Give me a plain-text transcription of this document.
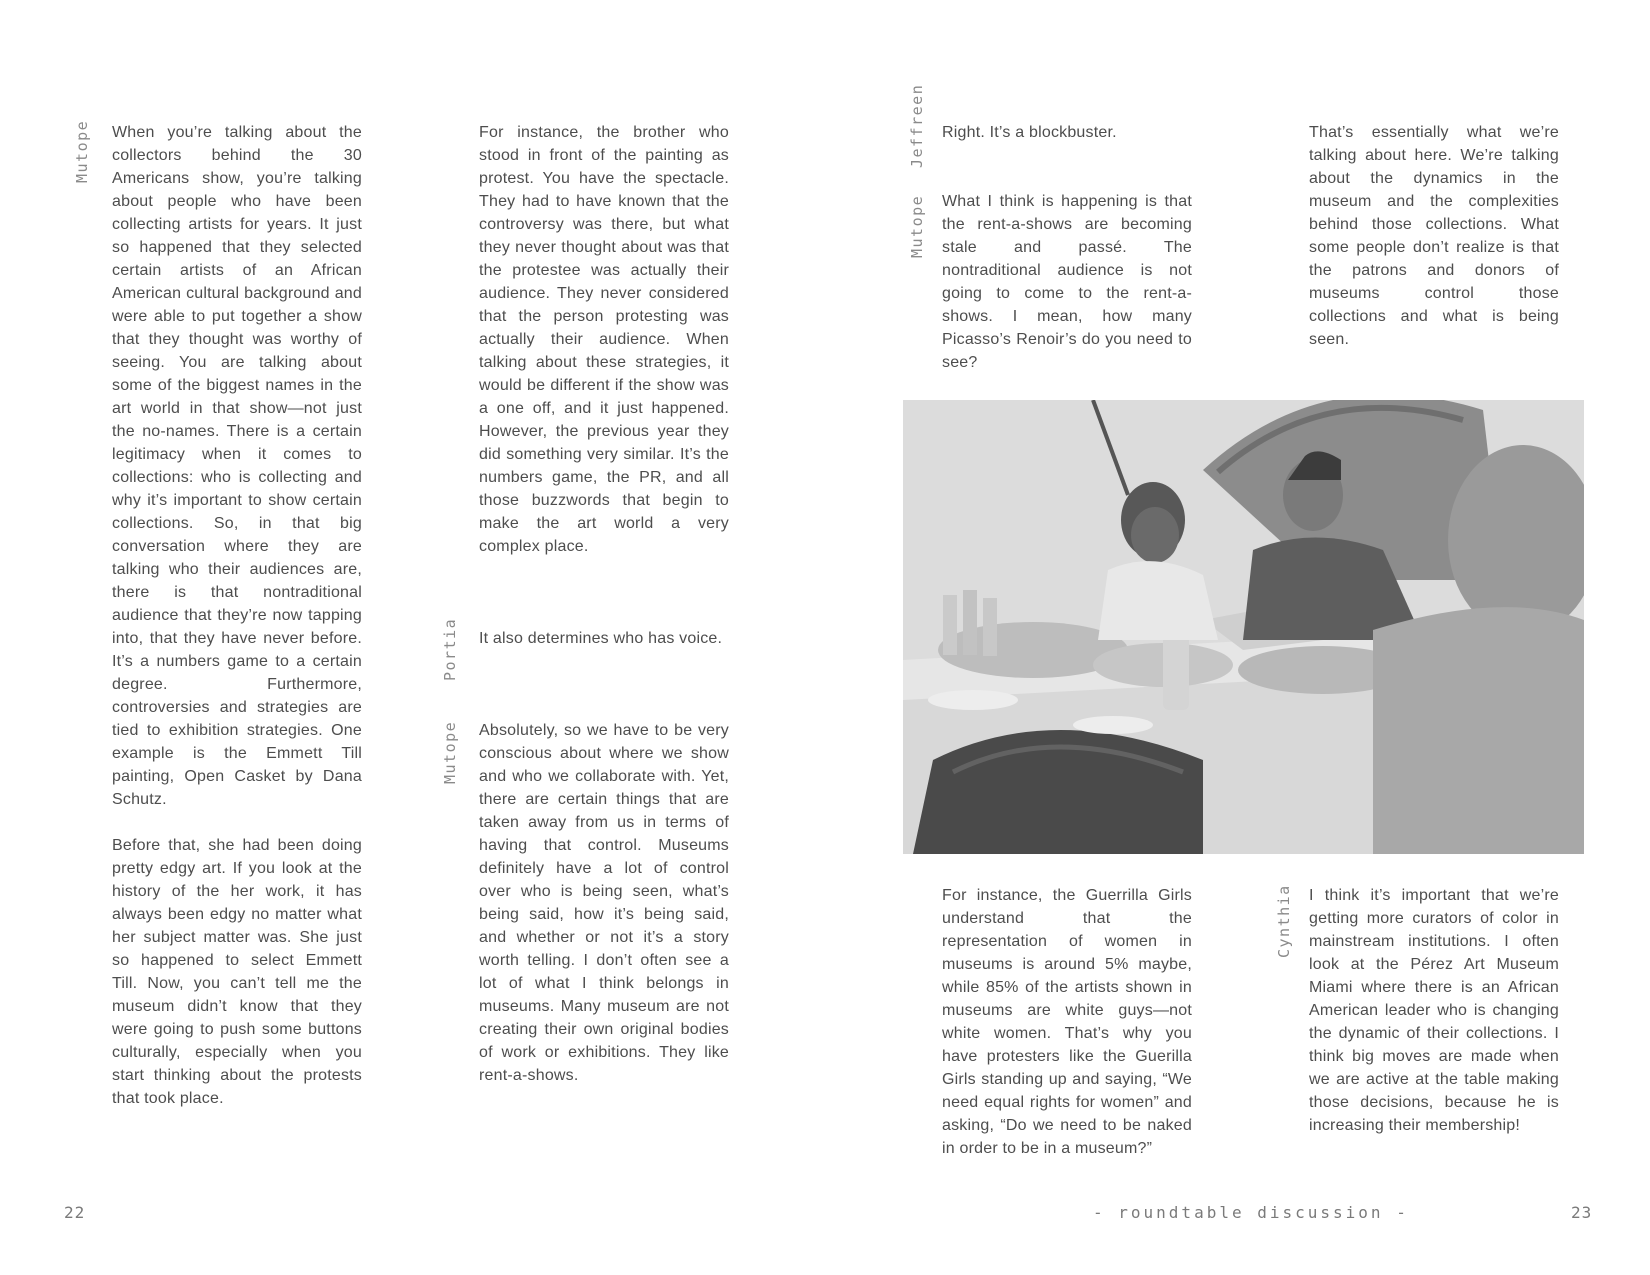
Mutope When you’re talking about the collectors behind the 30 Americans show, you’re talking about people who have been collecting artists for years. It just so happened that they selected certain artists of an African American cultural background and were able to put together a show that they thought was worthy of seeing. You are talking about some of the biggest names in the art world in that show—not just the no-names. There is a certain legitimacy when it comes to collections: who is collecting and why it’s important to show certain collections. So, in that big conversation where they are talking who their audiences are, there is that nontraditional audience that they’re now tapping into, that they have never before. It’s a numbers game to a certain degree. Furthermore, controversies and strategies are tied to exhibition strategies. One example is the Emmett Till painting, Open Casket by Dana Schutz.

Before that, she had been doing pretty edgy art. If you look at the history of the her work, it has always been edgy no matter what her subject matter was. She just so happened to select Emmett Till. Now, you can’t tell me the museum didn’t know that they were going to push some buttons culturally, especially when you start thinking about the protests that took place.

For instance, the brother who stood in front of the painting as protest. You have the spectacle. They had to have known that the controversy was there, but what they never thought about was that the protestee was actually their audience. They never considered that the person protesting was actually their audience. When talking about these strategies, it would be different if the show was a one off, and it just happened. However, the previous year they did something very similar. It’s the numbers game, the PR, and all those buzzwords that begin to make the art world a very complex place.

Portia It also determines who has voice.

Mutope Absolutely, so we have to be very conscious about where we show and who we collaborate with. Yet, there are certain things that are taken away from us in terms of having that control. Museums definitely have a lot of control over who is being seen, what’s being said, how it’s being said, and whether or not it’s a story worth telling. I don’t often see a lot of what I think belongs in museums. Many museum are not creating their own original bodies of work or exhibitions. They like rent-a-shows.

22
Jeffreen Right. It’s a blockbuster.

Mutope What I think is happening is that the rent-a-shows are becoming stale and passé. The nontraditional audience is not going to come to the rent-a-shows. I mean, how many Picasso’s Renoir’s do you need to see?

That’s essentially what we’re talking about here. We’re talking about the dynamics in the museum and the complexities behind those collections. What some people don’t realize is that the patrons and donors of museums control those collections and what is being seen.

For instance, the Guerrilla Girls understand that the representation of women in museums is around 5% maybe, while 85% of the artists shown in museums are white guys—not white women. That’s why you have protesters like the Guerilla Girls standing up and saying, “We need equal rights for women” and asking, “Do we need to be naked in order to be in a museum?”

Cynthia I think it’s important that we’re getting more curators of color in mainstream institutions. I often look at the Pérez Art Museum Miami where there is an African American leader who is changing the dynamic of their collections. I think big moves are made when we are active at the table making those decisions, because he is increasing their membership!

- roundtable discussion -	23
